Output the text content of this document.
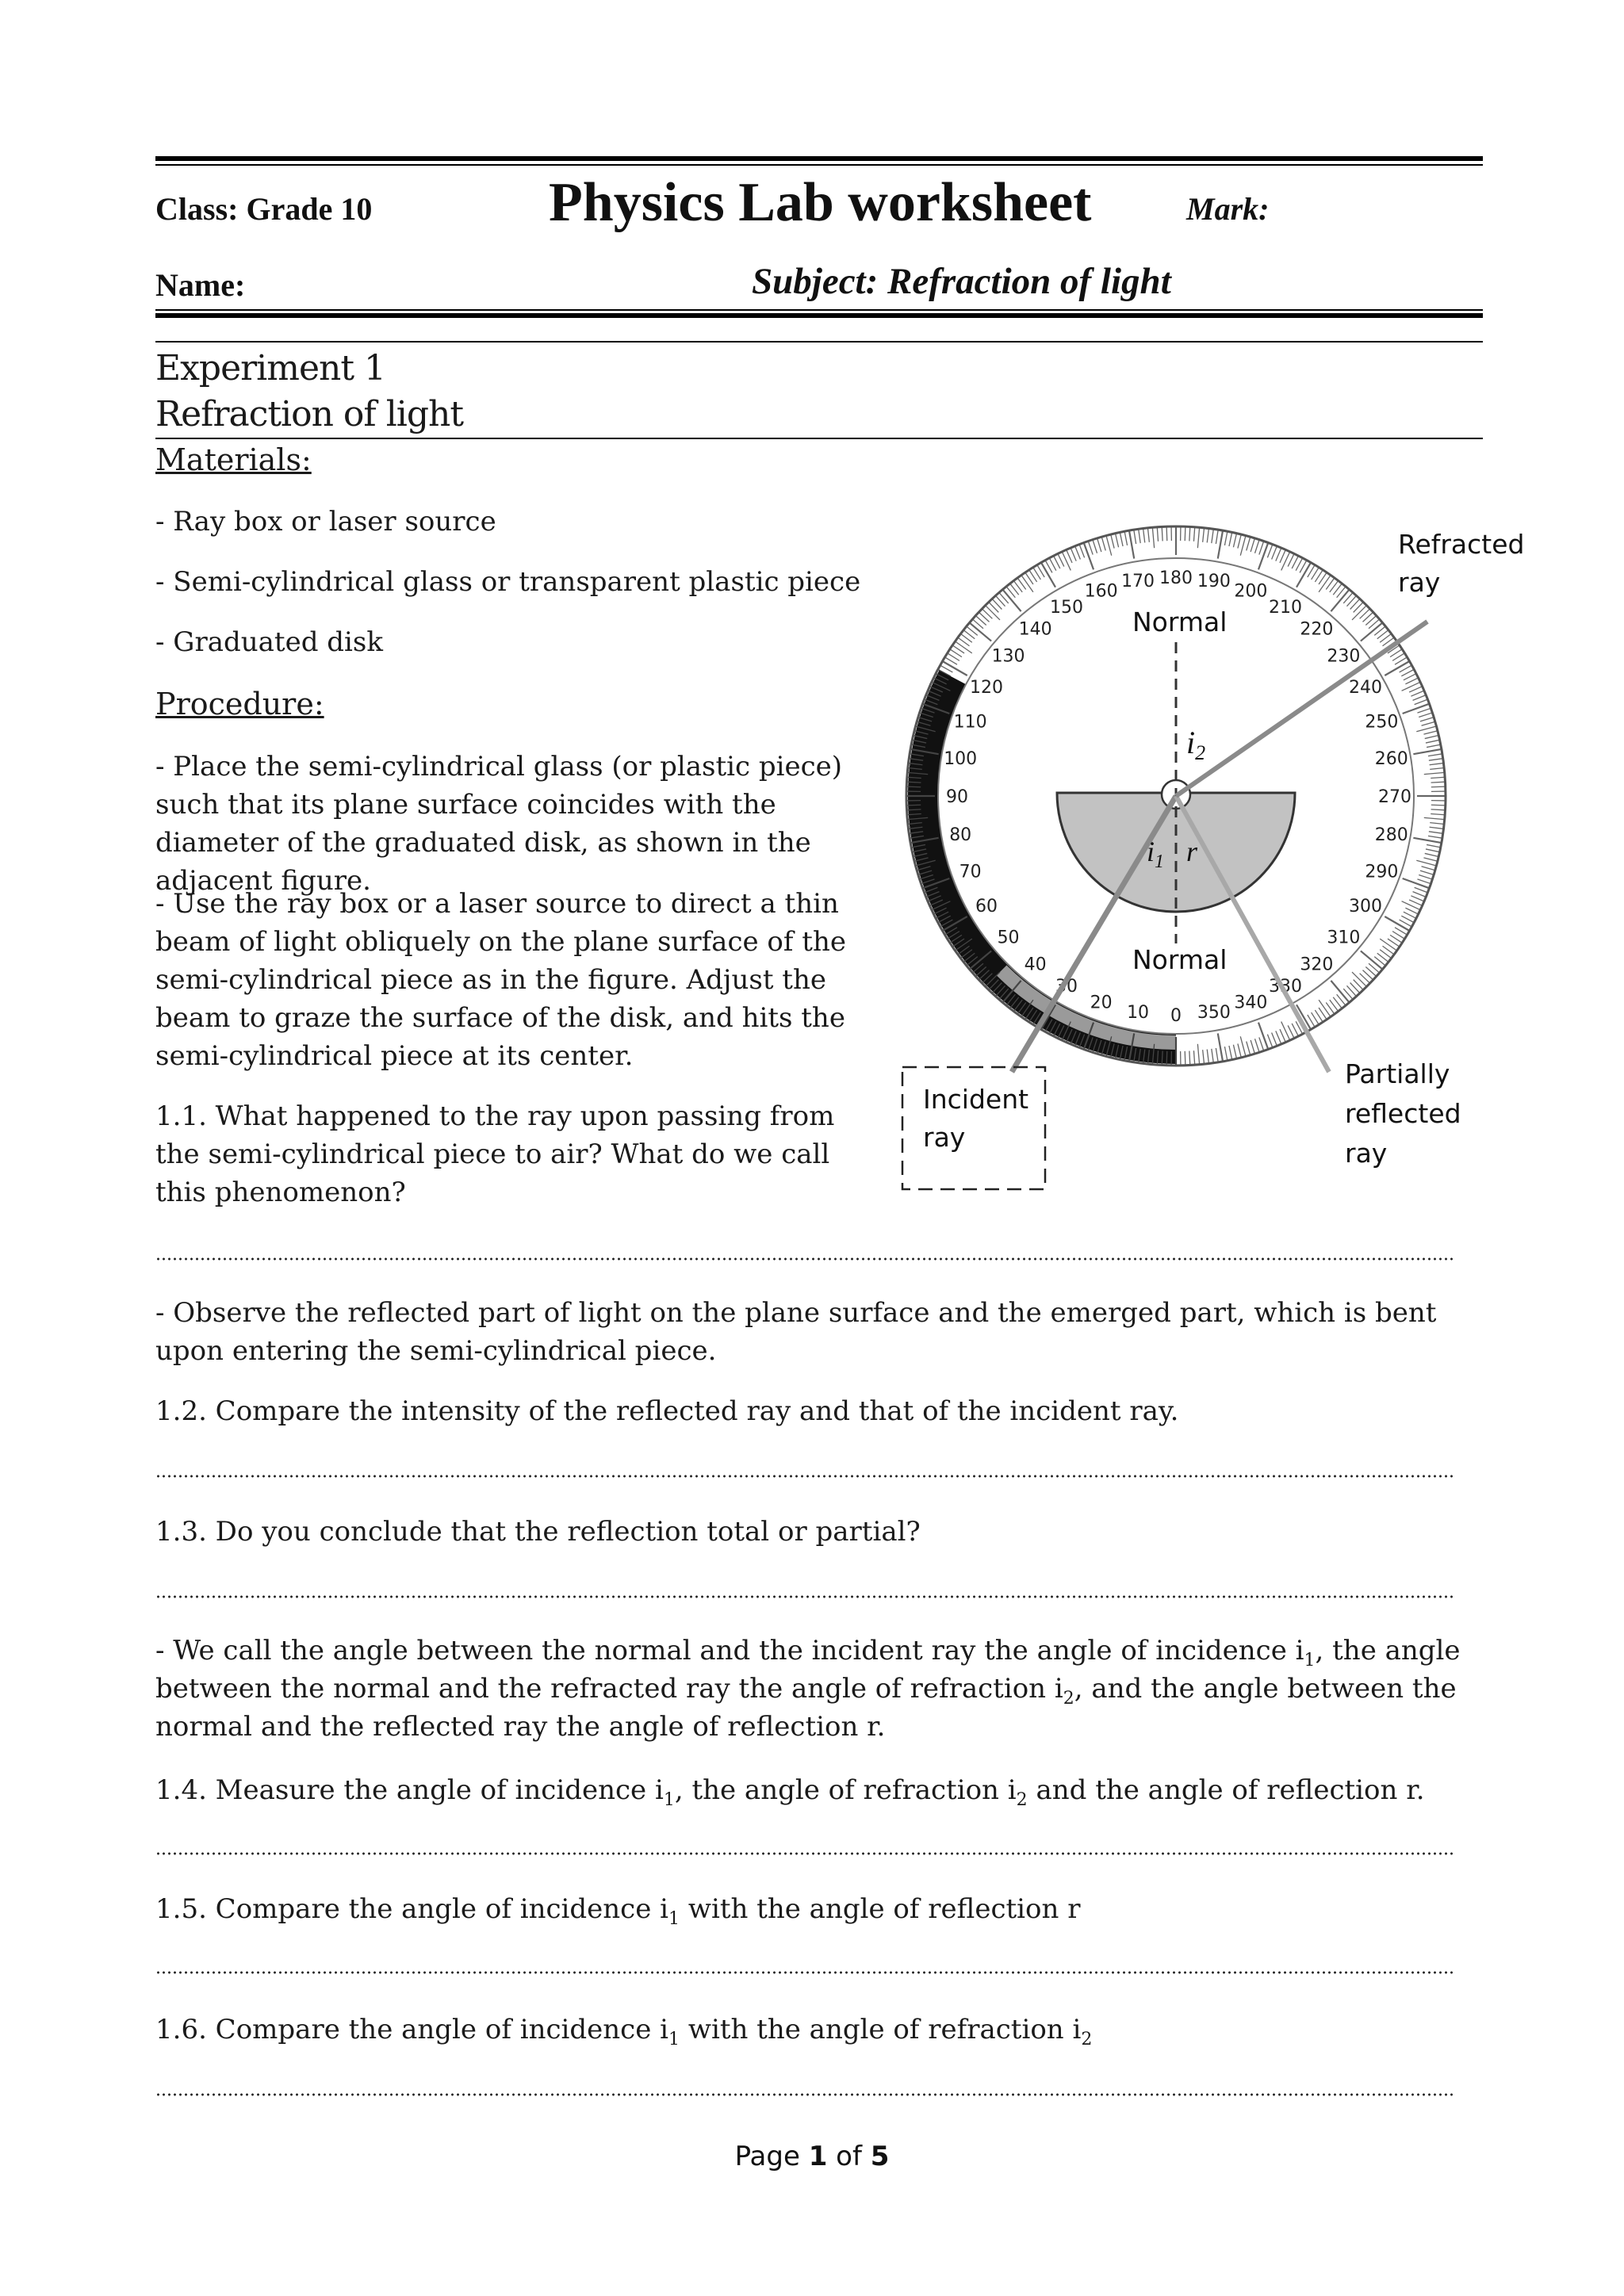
Class: Grade 10	Physics Lab worksheet	Mark:
Name:	Subject: Refraction of light
Experiment 1
Refraction of light
Materials:
- Ray box or laser source
- Semi-cylindrical glass or transparent plastic piece
- Graduated disk
Procedure:
- Place the semi-cylindrical glass (or plastic piece) such that its plane surface coincides with the diameter of the graduated disk, as shown in the adjacent figure.
- Use the ray box or a laser source to direct a thin beam of light obliquely on the plane surface of the semi-cylindrical piece as in the figure. Adjust the beam to graze the surface of the disk, and hits the semi-cylindrical piece at its center.
1.1. What happened to the ray upon passing from the semi-cylindrical piece to air? What do we call this phenomenon?
- Observe the reflected part of light on the plane surface and the emerged part, which is bent upon entering the semi-cylindrical piece.
1.2. Compare the intensity of the reflected ray and that of the incident ray.
1.3. Do you conclude that the reflection total or partial?
- We call the angle between the normal and the incident ray the angle of incidence $i_1$, the angle between the normal and the refracted ray the angle of refraction $i_2$, and the angle between the normal and the reflected ray the angle of reflection r.
1.4. Measure the angle of incidence $i_1$, the angle of refraction $i_2$ and the angle of reflection r.
1.5. Compare the angle of incidence $i_1$ with the angle of reflection r
1.6. Compare the angle of incidence $i_1$ with the angle of refraction $i_2$
Page 1 of 5
0
10
20
30
40
50
60
70
80
90
100
110
120
130
140
150
160 170 180 190 200
210
220
230
240
250
260
270
280
290
300
310
320
330
340
350
Normal
Normal
$i_2$
$i_1$ r
Refracted
ray
Incident
ray
Partially
reflected
ray
